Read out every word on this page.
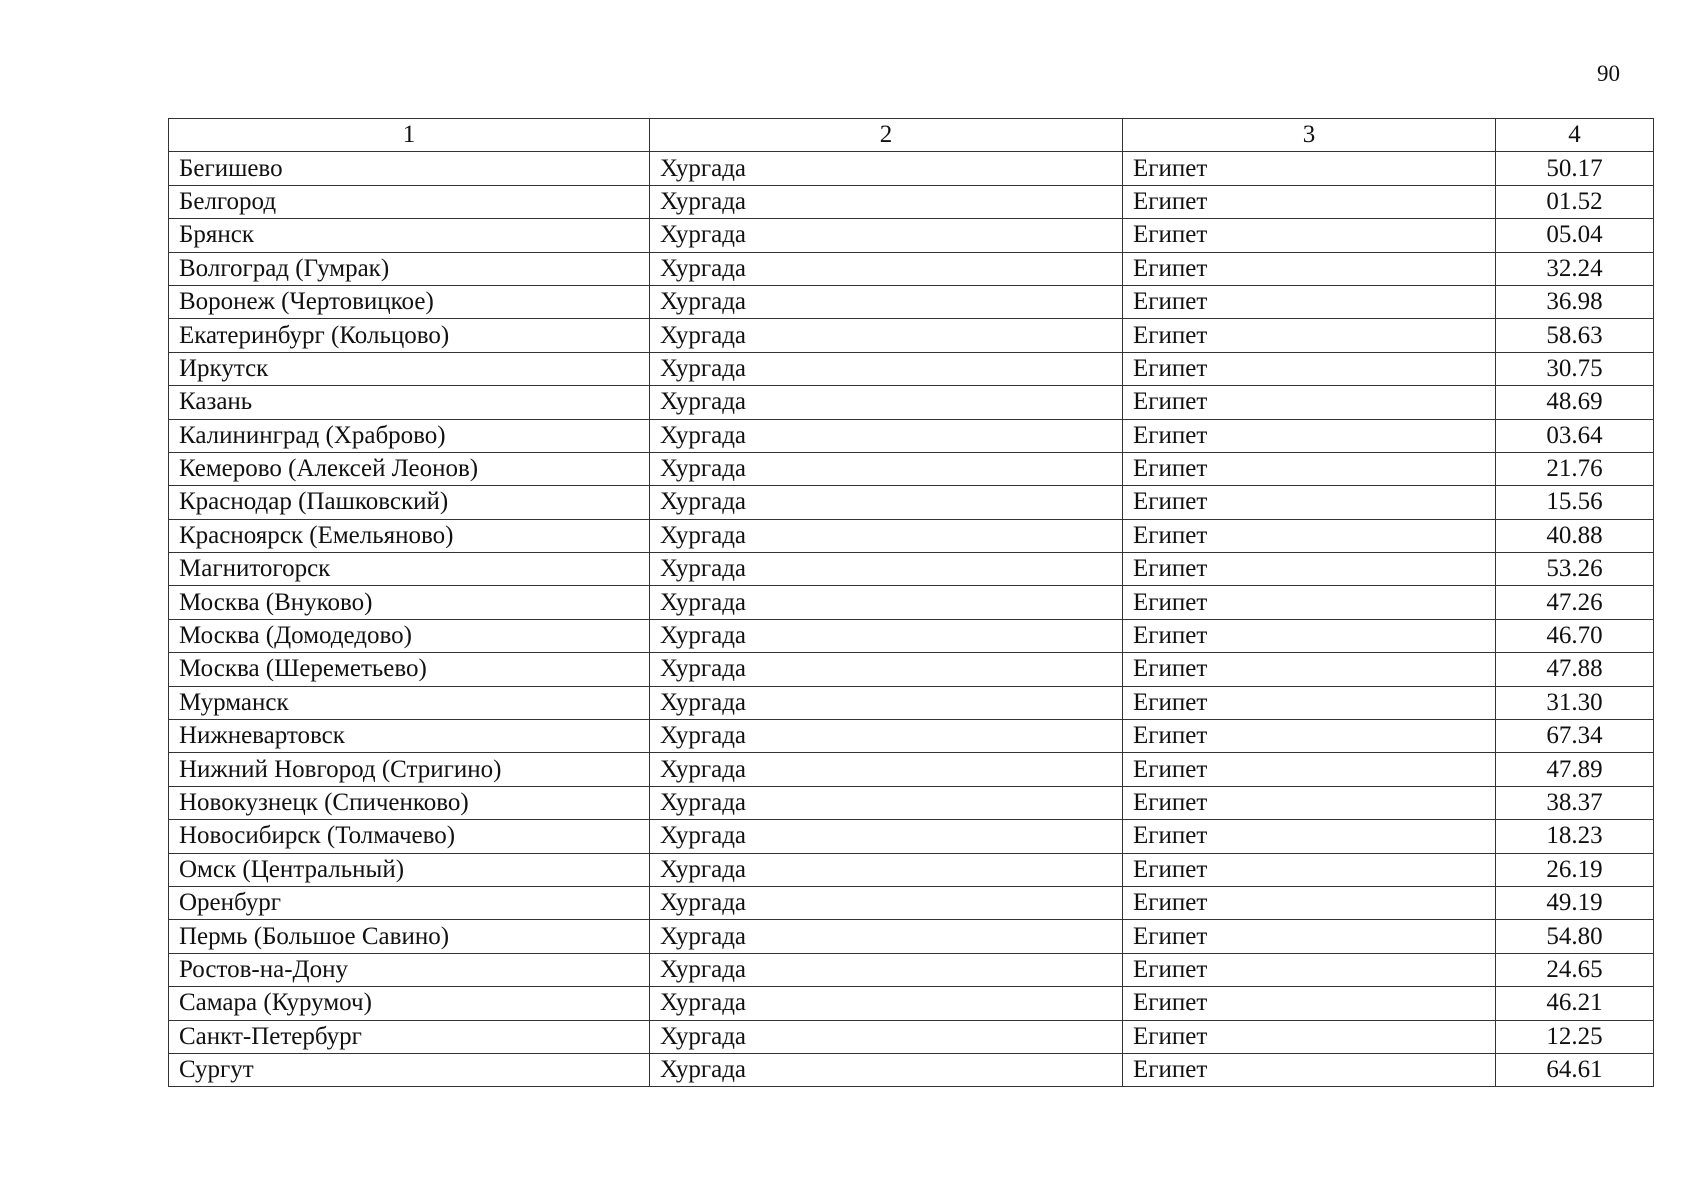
90
1	2	3	4
Бегишево	Хургада	Египет	50.17
Белгород	Хургада	Египет	01.52
Брянск	Хургада	Египет	05.04
Волгоград (Гумрак)	Хургада	Египет	32.24
Воронеж (Чертовицкое)	Хургада	Египет	36.98
Екатеринбург (Кольцово)	Хургада	Египет	58.63
Иркутск	Хургада	Египет	30.75
Казань	Хургада	Египет	48.69
Калининград (Храброво)	Хургада	Египет	03.64
Кемерово (Алексей Леонов)	Хургада	Египет	21.76
Краснодар (Пашковский)	Хургада	Египет	15.56
Красноярск (Емельяново)	Хургада	Египет	40.88
Магнитогорск	Хургада	Египет	53.26
Москва (Внуково)	Хургада	Египет	47.26
Москва (Домодедово)	Хургада	Египет	46.70
Москва (Шереметьево)	Хургада	Египет	47.88
Мурманск	Хургада	Египет	31.30
Нижневартовск	Хургада	Египет	67.34
Нижний Новгород (Стригино)	Хургада	Египет	47.89
Новокузнецк (Спиченково)	Хургада	Египет	38.37
Новосибирск (Толмачево)	Хургада	Египет	18.23
Омск (Центральный)	Хургада	Египет	26.19
Оренбург	Хургада	Египет	49.19
Пермь (Большое Савино)	Хургада	Египет	54.80
Ростов-на-Дону	Хургада	Египет	24.65
Самара (Курумоч)	Хургада	Египет	46.21
Санкт-Петербург	Хургада	Египет	12.25
Сургут	Хургада	Египет	64.61
